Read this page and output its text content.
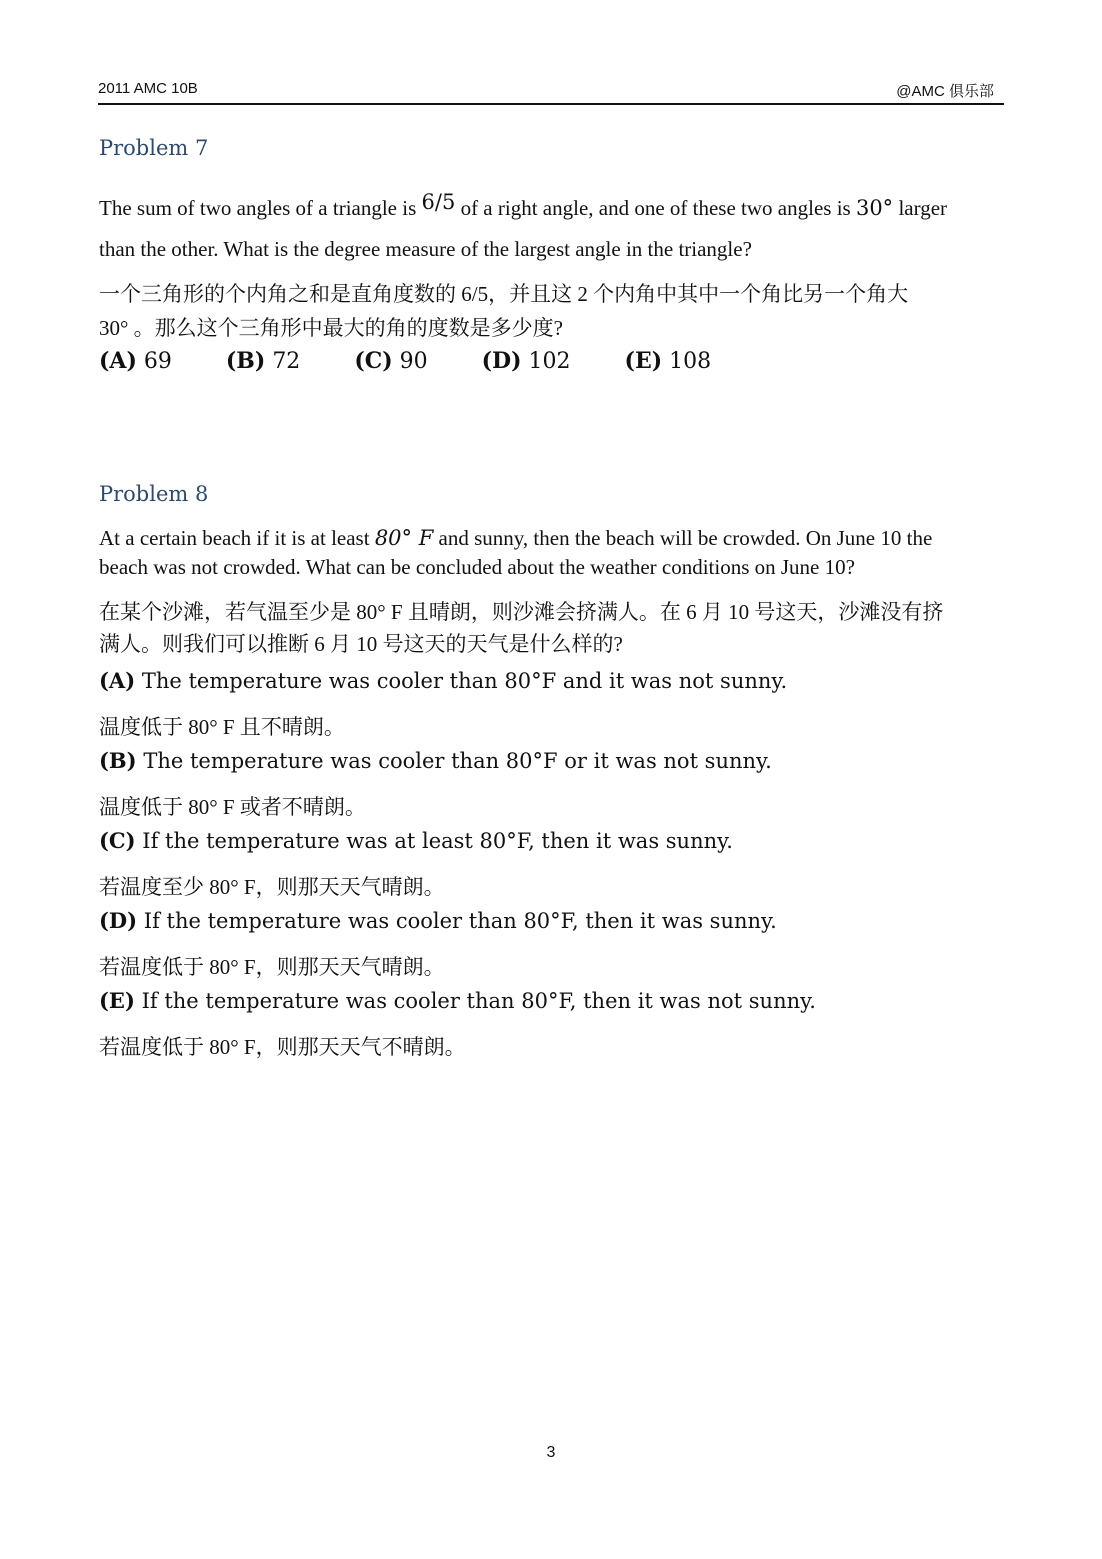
2011 AMC 10B	@AMC 俱乐部
Problem 7
The sum of two angles of a triangle is 6/5 of a right angle, and one of these two angles is 30° larger
than the other. What is the degree measure of the largest angle in the triangle?
一个三角形的个内角之和是直角度数的 6/5，并且这 2 个内角中其中一个角比另一个角大
30° 。那么这个三角形中最大的角的度数是多少度?
(A) 69 (B) 72 (C) 90 (D) 102 (E) 108
Problem 8
At a certain beach if it is at least 80° F and sunny, then the beach will be crowded. On June 10 the
beach was not crowded. What can be concluded about the weather conditions on June 10?
在某个沙滩，若气温至少是 80° F 且晴朗，则沙滩会挤满人。在 6 月 10 号这天，沙滩没有挤
满人。则我们可以推断 6 月 10 号这天的天气是什么样的?
(A) The temperature was cooler than 80°F and it was not sunny.
温度低于 80° F 且不晴朗。
(B) The temperature was cooler than 80°F or it was not sunny.
温度低于 80° F 或者不晴朗。
(C) If the temperature was at least 80°F, then it was sunny.
若温度至少 80° F，则那天天气晴朗。
(D) If the temperature was cooler than 80°F, then it was sunny.
若温度低于 80° F，则那天天气晴朗。
(E) If the temperature was cooler than 80°F, then it was not sunny.
若温度低于 80° F，则那天天气不晴朗。
3
